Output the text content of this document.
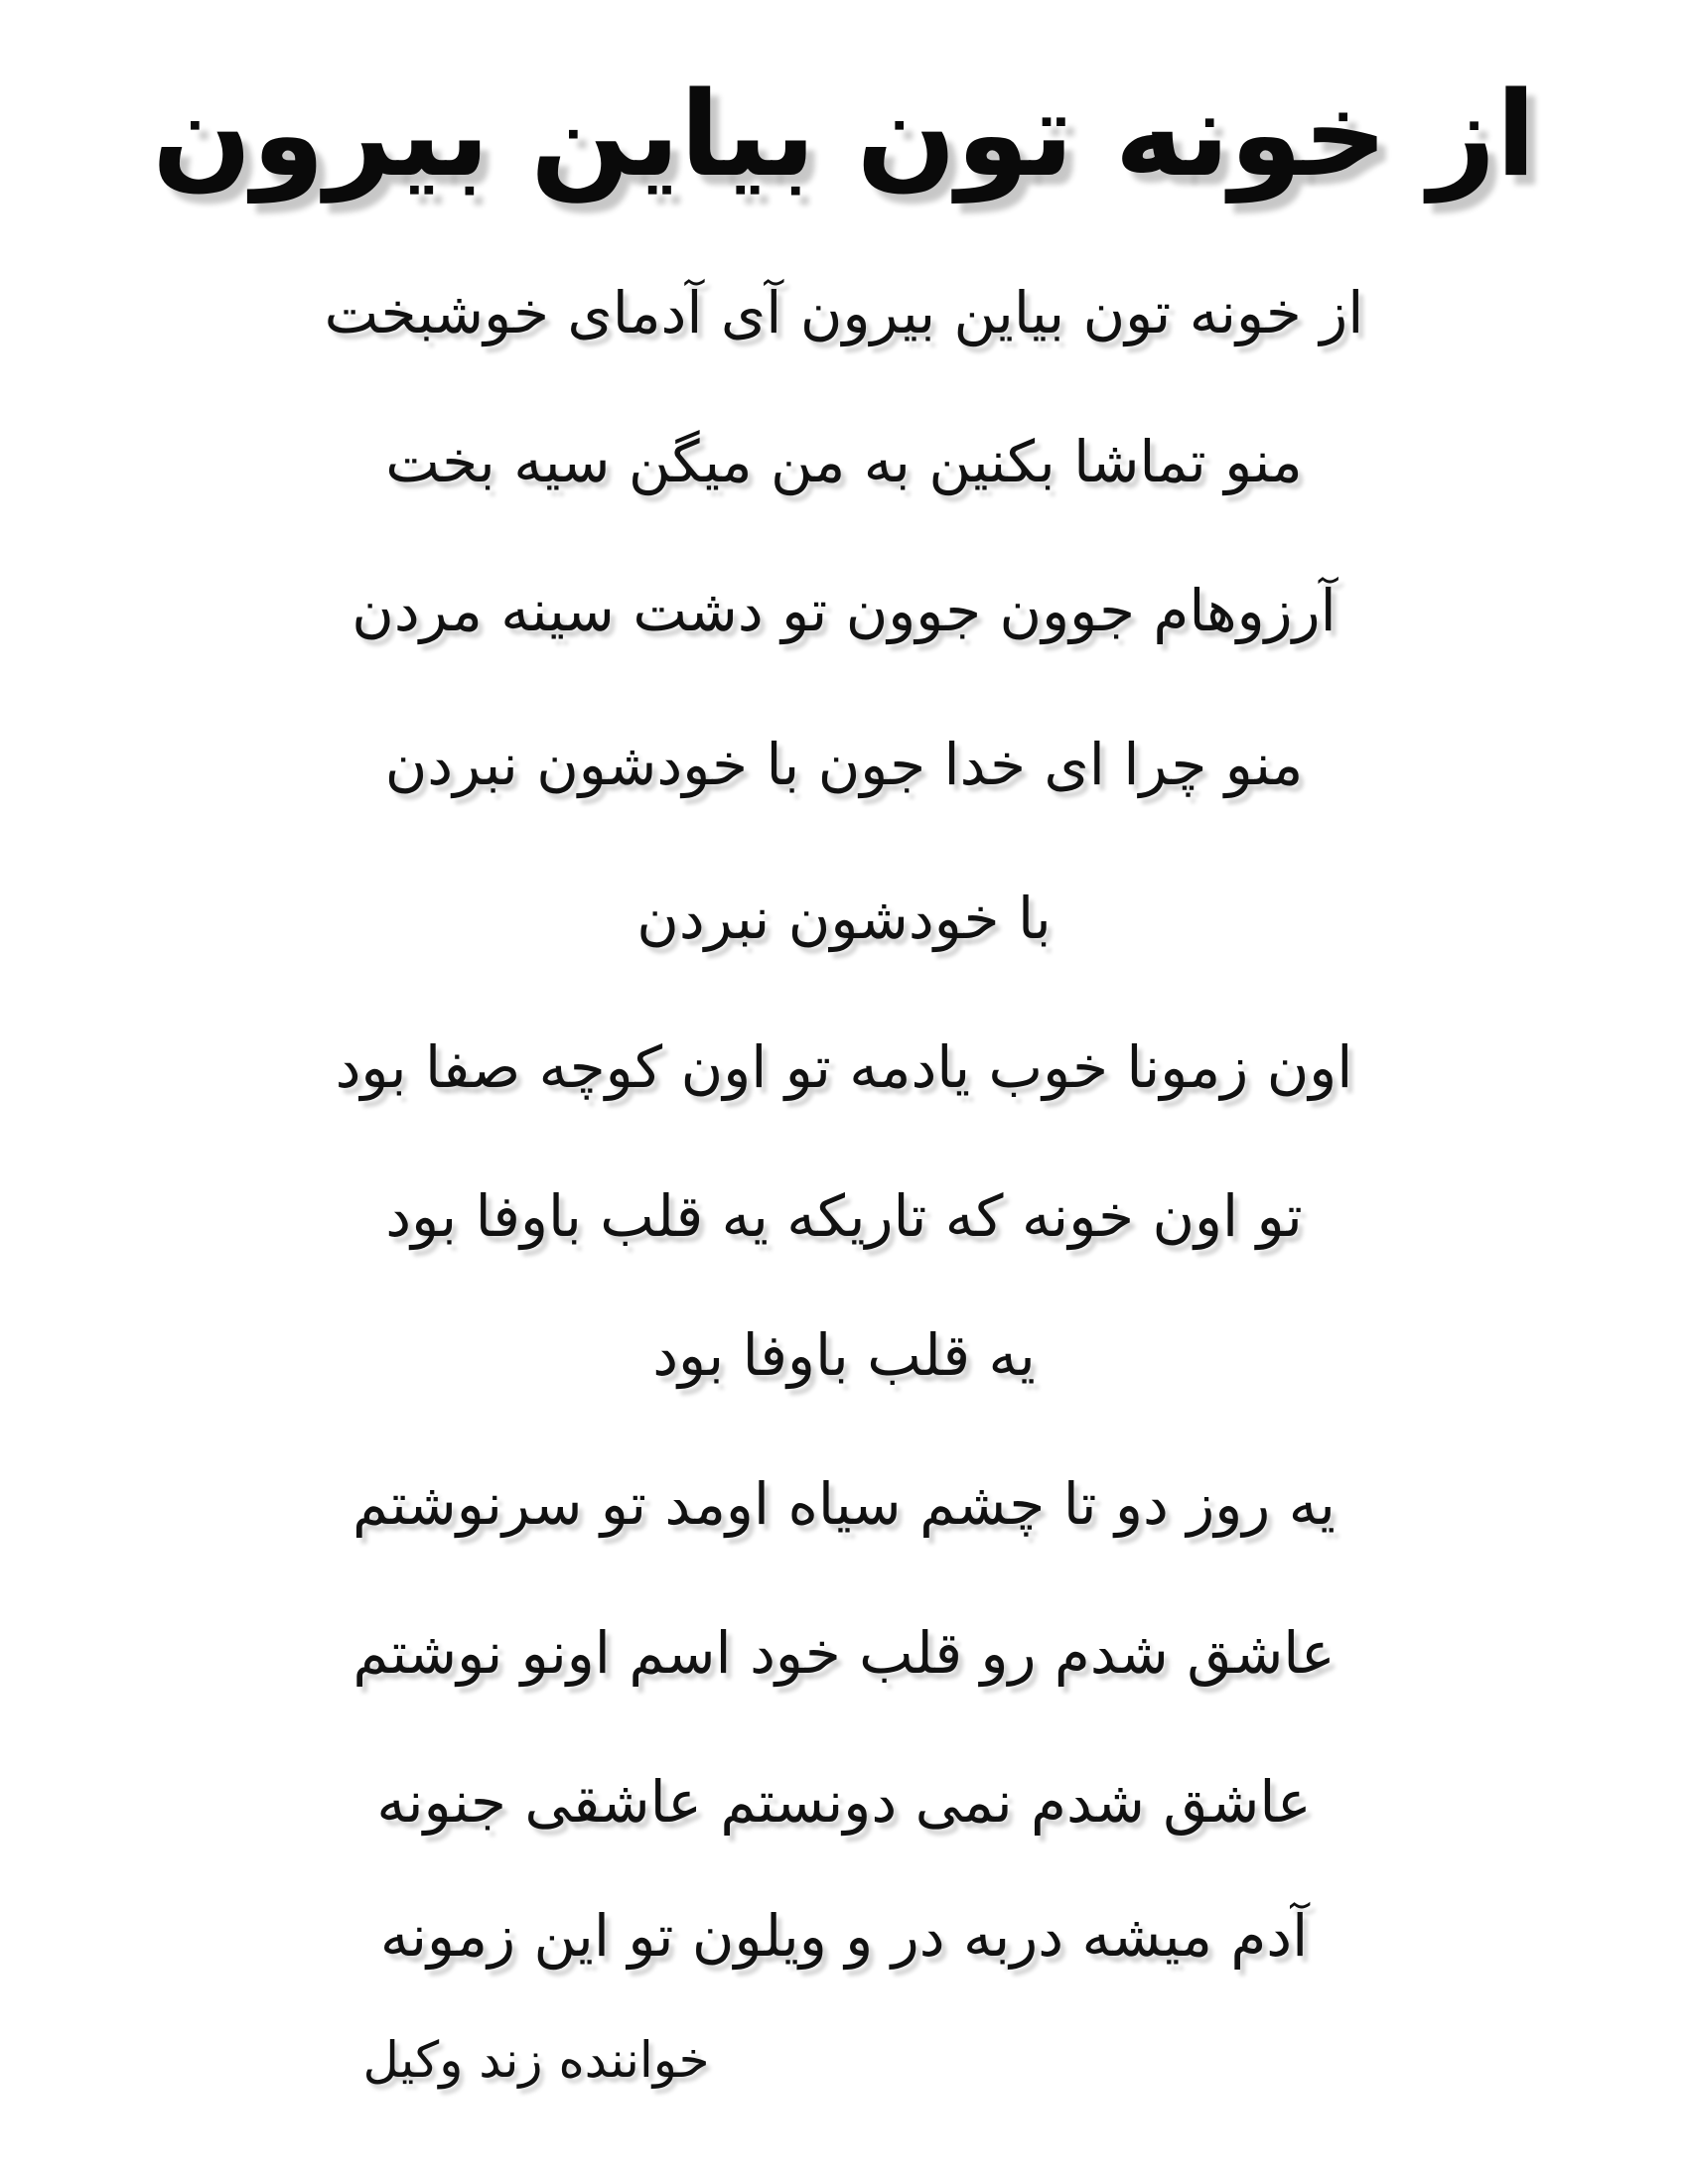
از خونه تون بیاین بیرون
از خونه تون بیاین بیرون آی آدمای خوشبخت
منو تماشا بکنین به من میگن سیه بخت
آرزوهام جوون جوون تو دشت سینه مردن
منو چرا ای خدا جون با خودشون نبردن
با خودشون نبردن
اون زمونا خوب یادمه تو اون کوچه صفا بود
تو اون خونه که تاریکه یه قلب باوفا بود
یه قلب باوفا بود
یه روز دو تا چشم سیاه اومد تو سرنوشتم
عاشق شدم رو قلب خود اسم اونو نوشتم
عاشق شدم نمی دونستم عاشقی جنونه
آدم میشه دربه در و ویلون تو این زمونه
خواننده زند وکیل
